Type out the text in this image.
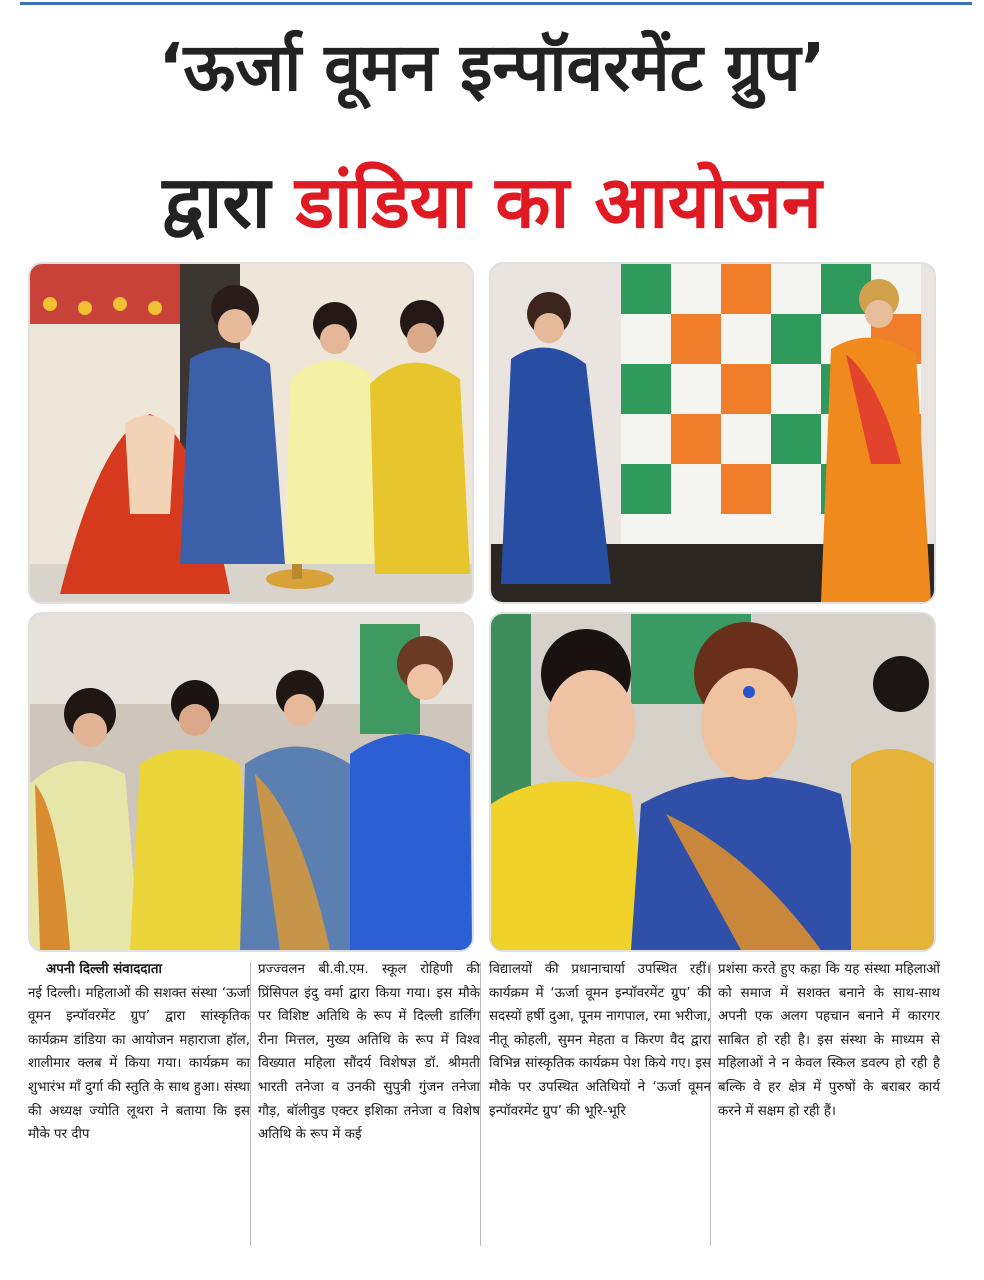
‘ऊर्जा वूमन इन्पॉवरमेंट ग्रुप’
द्वारा डांडिया का आयोजन
अपनी दिल्ली संवाददाता
नई दिल्ली। महिलाओं की सशक्त संस्था ‘ऊर्जा वूमन इन्पॉवरमेंट ग्रुप’ द्वारा सांस्कृतिक कार्यक्रम डांडिया का आयोजन महाराजा हॉल, शालीमार क्लब में किया गया। कार्यक्रम का शुभारंभ माँ दुर्गा की स्तुति के साथ हुआ। संस्था की अध्यक्ष ज्योति लूथरा ने बताया कि इस मौके पर दीप
प्रज्ज्वलन बी.वी.एम. स्कूल रोहिणी की प्रिंसिपल इंदु वर्मा द्वारा किया गया। इस मौके पर विशिष्ट अतिथि के रूप में दिल्ली डार्लिंग रीना मित्तल, मुख्य अतिथि के रूप में विश्व विख्यात महिला सौंदर्य विशेषज्ञ डॉ. श्रीमती भारती तनेजा व उनकी सुपुत्री गुंजन तनेजा गौड़, बॉलीवुड एक्टर इशिका तनेजा व विशेष अतिथि के रूप में कई
विद्यालयों की प्रधानाचार्या उपस्थित रहीं। कार्यक्रम में ‘ऊर्जा वूमन इन्पॉवरमेंट ग्रुप’ की सदस्यों हर्षी दुआ, पूनम नागपाल, रमा भरीजा, नीतू कोहली, सुमन मेहता व किरण वैद द्वारा विभिन्न सांस्कृतिक कार्यक्रम पेश किये गए। इस मौके पर उपस्थित अतिथियों ने ‘ऊर्जा वूमन इन्पॉवरमेंट ग्रुप’ की भूरि-भूरि
प्रशंसा करते हुए कहा कि यह संस्था महिलाओं को समाज में सशक्त बनाने के साथ-साथ अपनी एक अलग पहचान बनाने में कारगर साबित हो रही है। इस संस्था के माध्यम से महिलाओं ने न केवल स्किल डवल्प हो रही है बल्कि वे हर क्षेत्र में पुरुषों के बराबर कार्य करने में सक्षम हो रही हैं।
